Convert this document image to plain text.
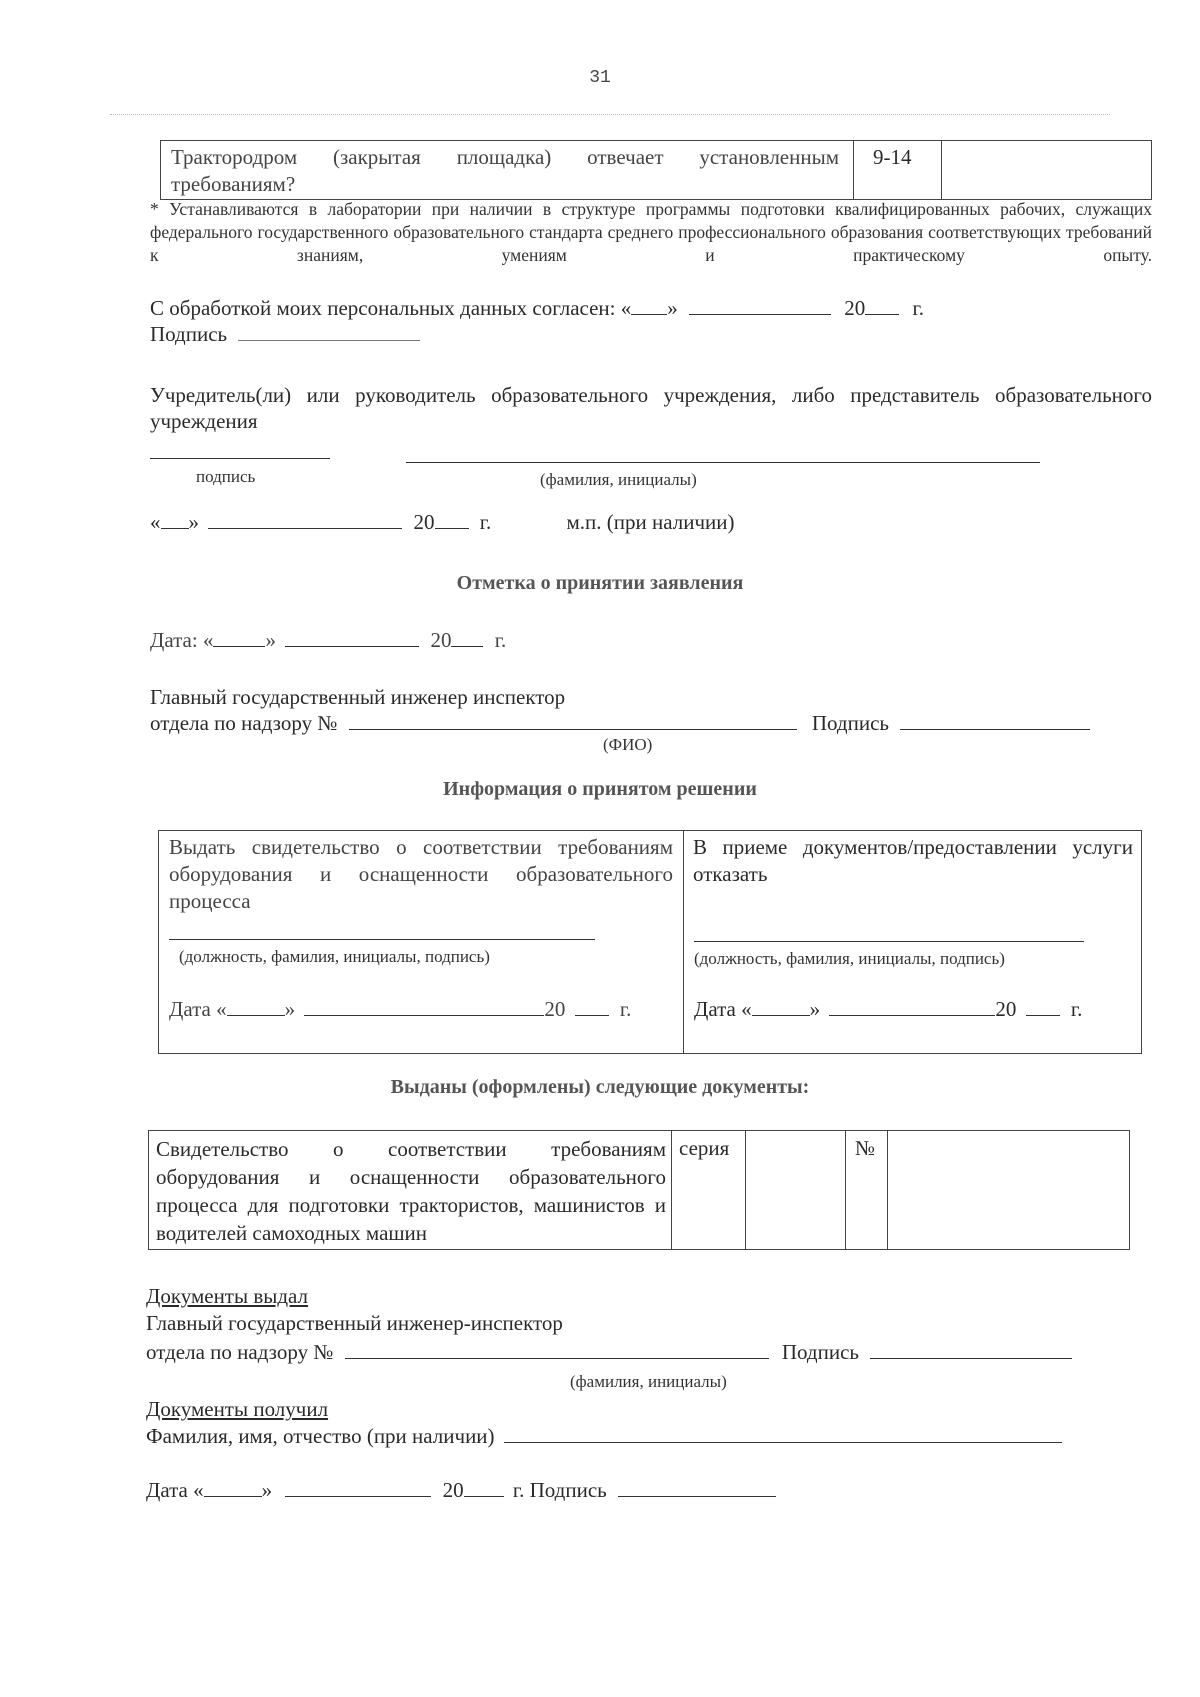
31
Трактородром (закрытая площадка) отвечает установленным требованиям?
9-14
* Устанавливаются в лаборатории при наличии в структуре программы подготовки квалифицированных рабочих, служащих федерального государственного образовательного стандарта среднего профессионального образования соответствующих требований к знаниям, умениям и практическому опыту.
С обработкой моих персональных данных согласен: « »	20 г.
Подпись
Учредитель(ли) или руководитель образовательного учреждения, либо представитель образовательного учреждения
подпись	(фамилия, инициалы)
« »	20 г.	м.п. (при наличии)
Отметка о принятии заявления
Дата: « »	20 г.
Главный государственный инженер инспектор
отдела по надзору №	Подпись
(ФИО)
Информация о принятом решении
Выдать свидетельство о соответствии требованиям оборудования и оснащенности образовательного процесса
(должность, фамилия, инициалы, подпись)
Дата «	»	20	г.
В приеме документов/предоставлении услуги отказать
(должность, фамилия, инициалы, подпись)
Дата «	»	20	г.
Выданы (оформлены) следующие документы:
Свидетельство о соответствии требованиям оборудования и оснащенности образовательного процесса для подготовки трактористов, машинистов и водителей самоходных машин
серия	№
Документы выдал
Главный государственный инженер-инспектор
отдела по надзору №	Подпись
(фамилия, инициалы)
Документы получил
Фамилия, имя, отчество (при наличии)
Дата «	»	20 г. Подпись
